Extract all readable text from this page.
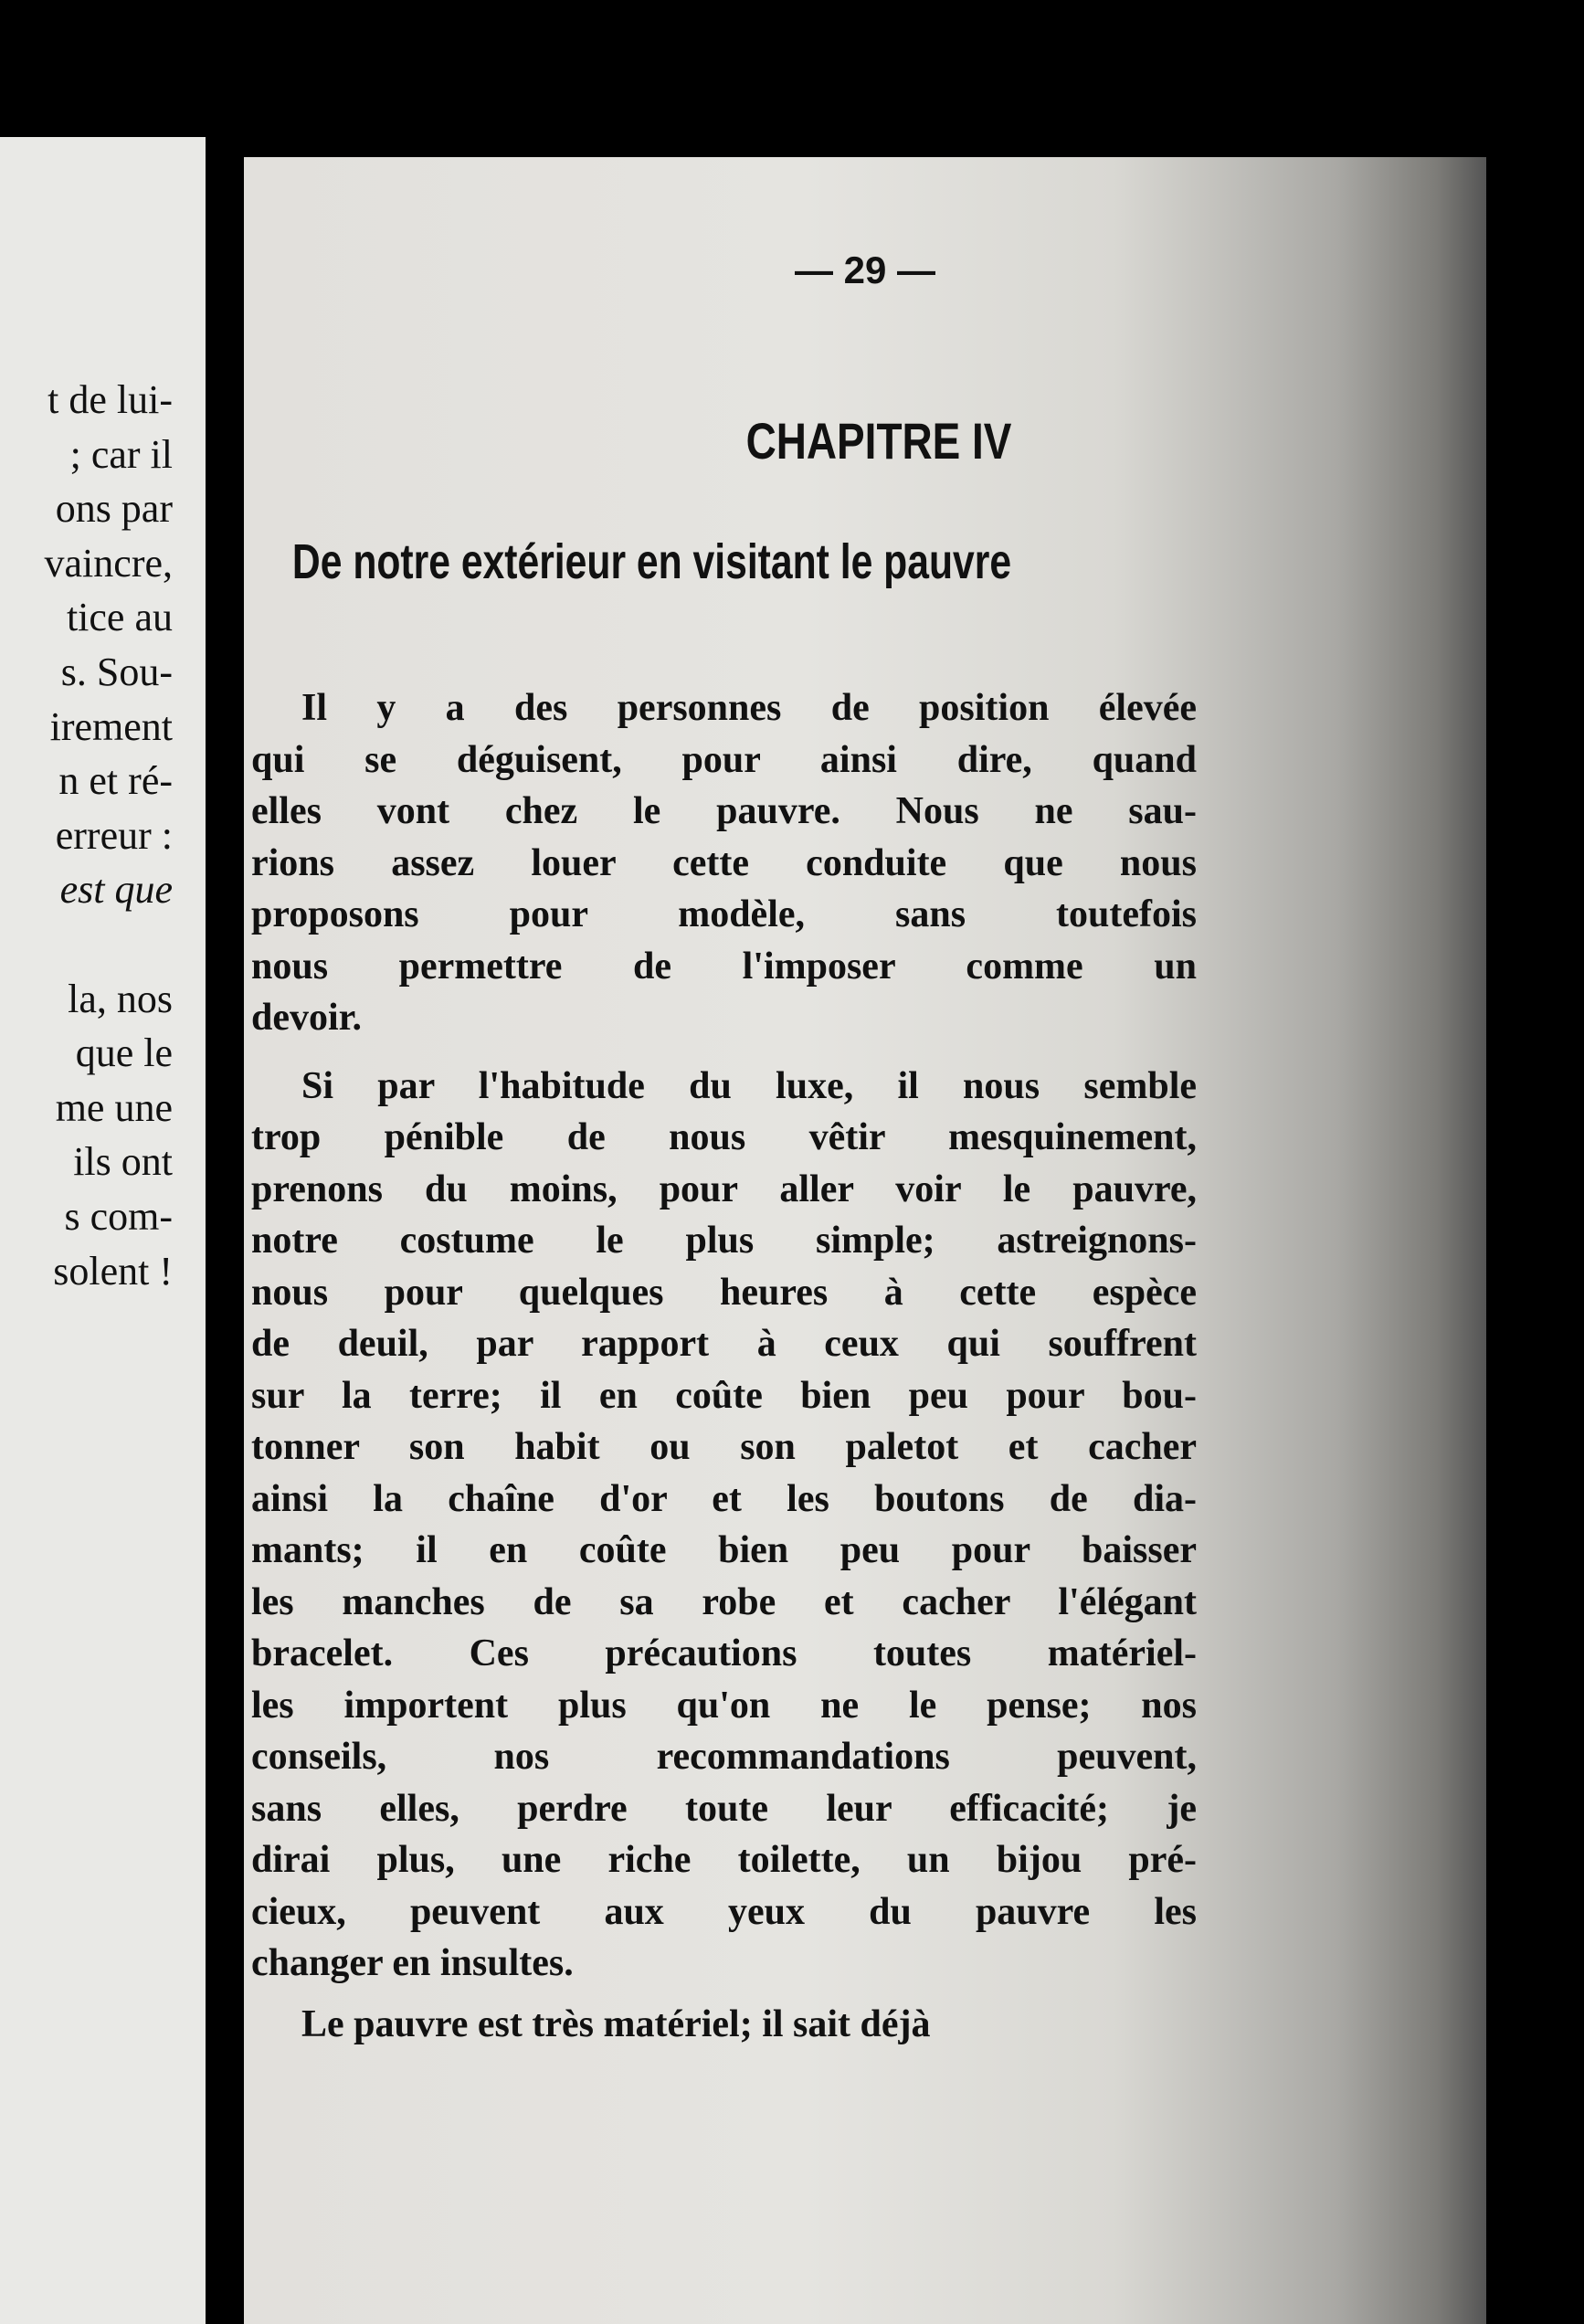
t de lui-
; car il
ons par
vaincre,
tice au
s. Sou-
irement
n et ré-
erreur :
est que
la, nos
que le
me une
ils ont
s com-
solent !
— 29 —
CHAPITRE IV
De notre extérieur en visitant le pauvre
Il y a des personnes de position élevée
qui se déguisent, pour ainsi dire, quand
elles vont chez le pauvre. Nous ne sau-
rions assez louer cette conduite que nous
proposons pour modèle, sans toutefois
nous permettre de l'imposer comme un
devoir.
Si par l'habitude du luxe, il nous semble
trop pénible de nous vêtir mesquinement,
prenons du moins, pour aller voir le pauvre,
notre costume le plus simple; astreignons-
nous pour quelques heures à cette espèce
de deuil, par rapport à ceux qui souffrent
sur la terre; il en coûte bien peu pour bou-
tonner son habit ou son paletot et cacher
ainsi la chaîne d'or et les boutons de dia-
mants; il en coûte bien peu pour baisser
les manches de sa robe et cacher l'élégant
bracelet. Ces précautions toutes matériel-
les importent plus qu'on ne le pense; nos
conseils, nos recommandations peuvent,
sans elles, perdre toute leur efficacité; je
dirai plus, une riche toilette, un bijou pré-
cieux, peuvent aux yeux du pauvre les
changer en insultes.
Le pauvre est très matériel; il sait déjà
